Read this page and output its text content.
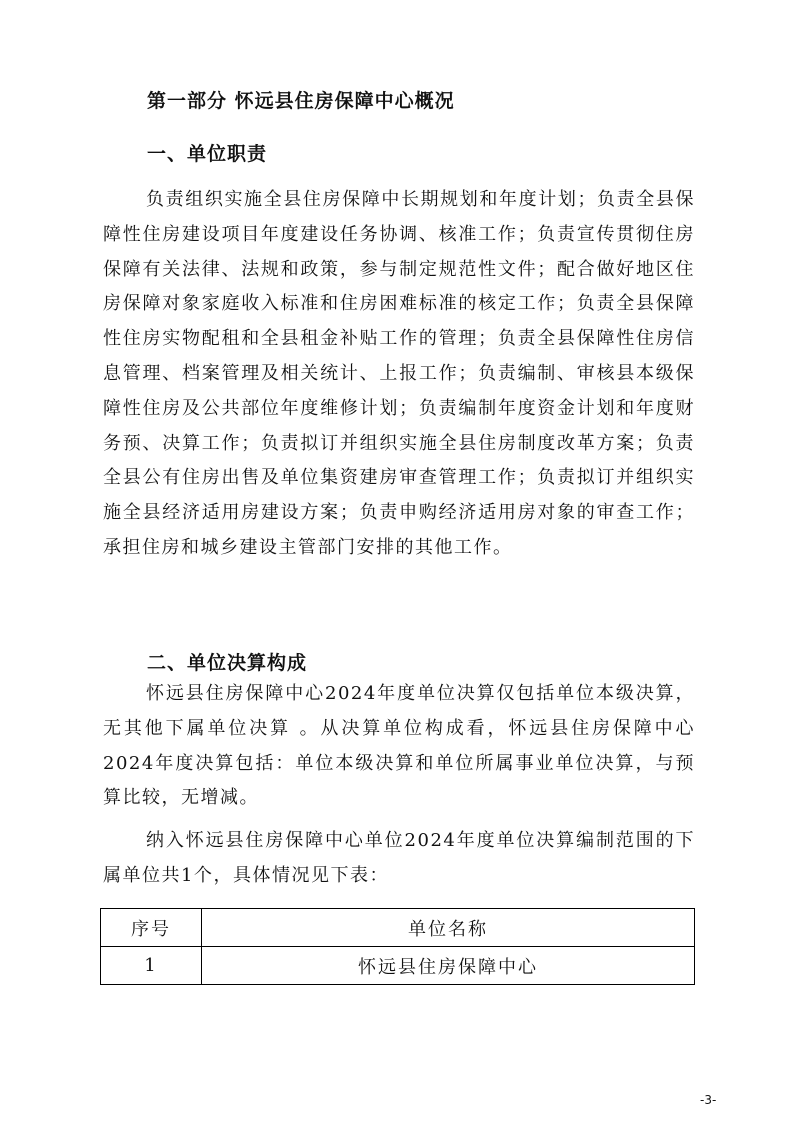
第一部分 怀远县住房保障中心概况
一、单位职责

负责组织实施全县住房保障中长期规划和年度计划；负责全县保障性住房建设项目年度建设任务协调、核准工作；负责宣传贯彻住房保障有关法律、法规和政策，参与制定规范性文件；配合做好地区住房保障对象家庭收入标准和住房困难标准的核定工作；负责全县保障性住房实物配租和全县租金补贴工作的管理；负责全县保障性住房信息管理、档案管理及相关统计、上报工作；负责编制、审核县本级保障性住房及公共部位年度维修计划；负责编制年度资金计划和年度财务预、决算工作；负责拟订并组织实施全县住房制度改革方案；负责全县公有住房出售及单位集资建房审查管理工作；负责拟订并组织实施全县经济适用房建设方案；负责申购经济适用房对象的审查工作；承担住房和城乡建设主管部门安排的其他工作。

二、单位决算构成

怀远县住房保障中心2024年度单位决算仅包括单位本级决算，无其他下属单位决算 。从决算单位构成看，怀远县住房保障中心2024年度决算包括：单位本级决算和单位所属事业单位决算，与预算比较，无增减。

纳入怀远县住房保障中心单位2024年度单位决算编制范围的下属单位共1个，具体情况见下表：

序号	单位名称
1	怀远县住房保障中心
-3-
